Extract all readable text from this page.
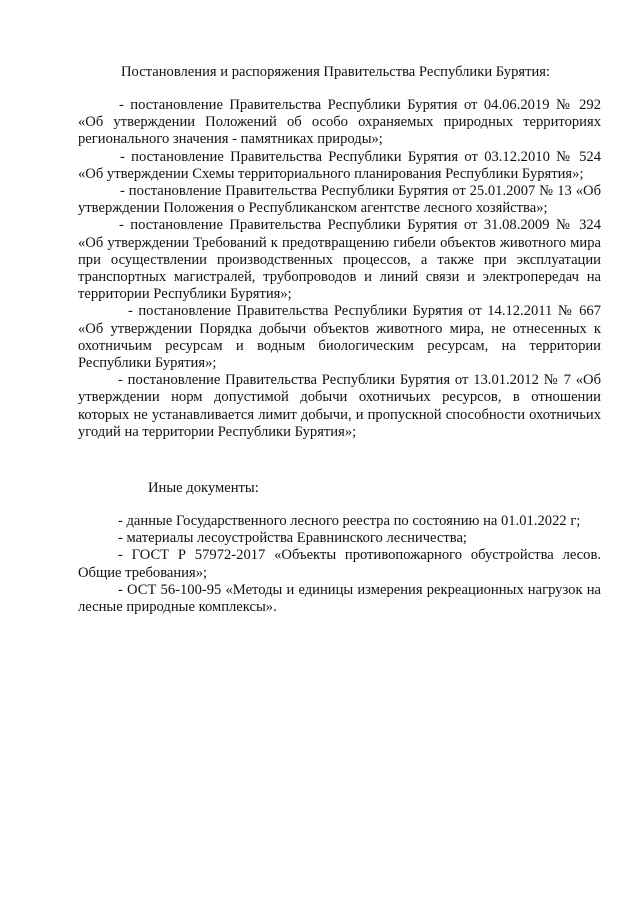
Постановления и распоряжения Правительства Республики Бурятия:

- постановление Правительства Республики Бурятия от 04.06.2019 № 292 «Об утверждении Положений об особо охраняемых природных территориях регионального значения - памятниках природы»;

- постановление Правительства Республики Бурятия от 03.12.2010 № 524 «Об утверждении Схемы территориального планирования Республики Бурятия»;

- постановление Правительства Республики Бурятия от 25.01.2007 № 13 «Об утверждении Положения о Республиканском агентстве лесного хозяйства»;

- постановление Правительства Республики Бурятия от 31.08.2009 № 324 «Об утверждении Требований к предотвращению гибели объектов животного мира при осуществлении производственных процессов, а также при эксплуатации транспортных магистралей, трубопроводов и линий связи и электропередач на территории Республики Бурятия»;

- постановление Правительства Республики Бурятия от 14.12.2011 № 667 «Об утверждении Порядка добычи объектов животного мира, не отнесенных к охотничьим ресурсам и водным биологическим ресурсам, на территории Республики Бурятия»;

- постановление Правительства Республики Бурятия от 13.01.2012 № 7 «Об утверждении норм допустимой добычи охотничьих ресурсов, в отношении которых не устанавливается лимит добычи, и пропускной способности охотничьих угодий на территории Республики Бурятия»;

Иные документы:

- данные Государственного лесного реестра по состоянию на 01.01.2022 г;

- материалы лесоустройства Еравнинского лесничества;

- ГОСТ Р 57972-2017 «Объекты противопожарного обустройства лесов. Общие требования»;

- ОСТ 56-100-95 «Методы и единицы измерения рекреационных нагрузок на лесные природные комплексы».
